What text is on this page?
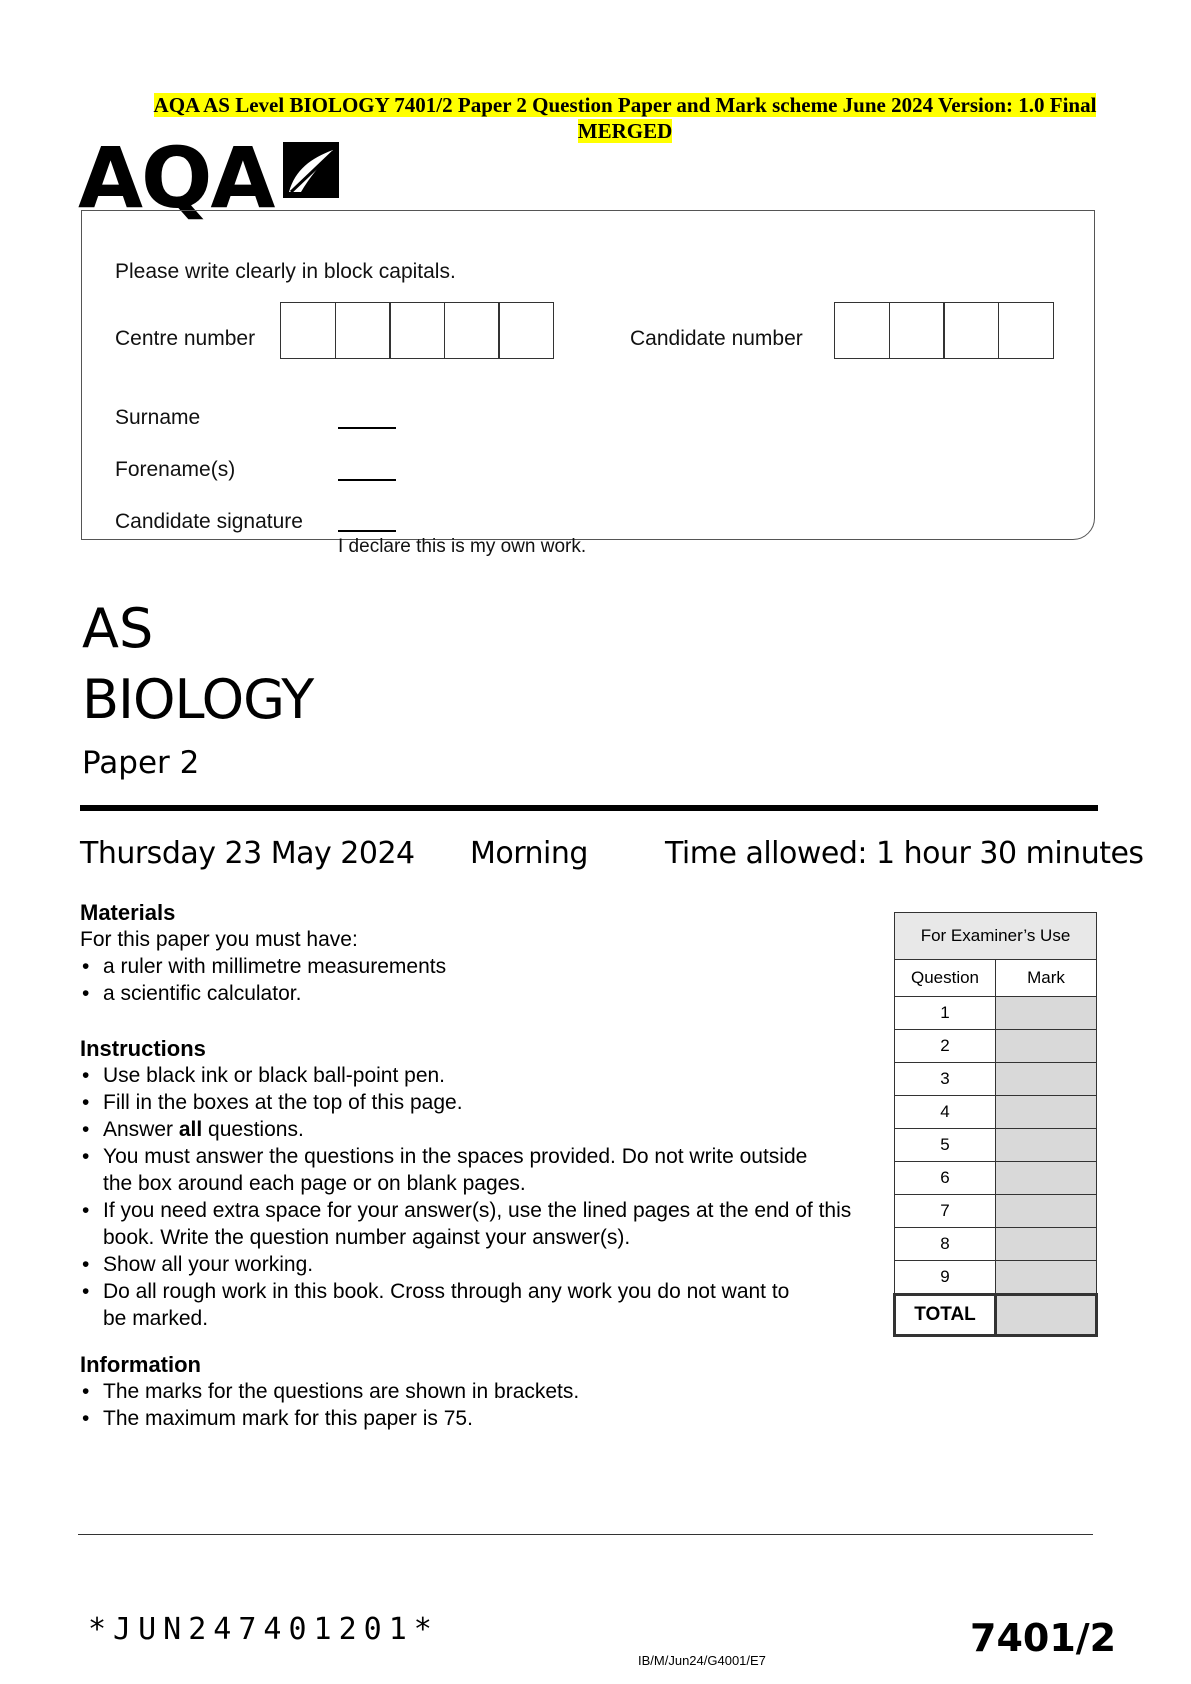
AQA AS Level BIOLOGY 7401/2 Paper 2 Question Paper and Mark scheme June 2024 Version: 1.0 Final
MERGED
AQA
Please write clearly in block capitals.
Centre number	Candidate number
Surname
Forename(s)
Candidate signature
I declare this is my own work.
AS
BIOLOGY
Paper 2
Thursday 23 May 2024 Morning	Time allowed: 1 hour 30 minutes
Materials
For this paper you must have:
• a ruler with millimetre measurements
• a scientific calculator.
Instructions
• Use black ink or black ball-point pen.
• Fill in the boxes at the top of this page.
• Answer all questions.
• You must answer the questions in the spaces provided. Do not write outside the box around each page or on blank pages.
• If you need extra space for your answer(s), use the lined pages at the end of this book. Write the question number against your answer(s).
• Show all your working.
• Do all rough work in this book. Cross through any work you do not want to be marked.
Information
• The marks for the questions are shown in brackets.
• The maximum mark for this paper is 75.
For Examiner’s Use	
Question	Mark
1	
2	
3	
4	
5	
6	
7	
8	
9	
TOTAL	
*JUN247401201*
IB/M/Jun24/G4001/E7
7401/2
